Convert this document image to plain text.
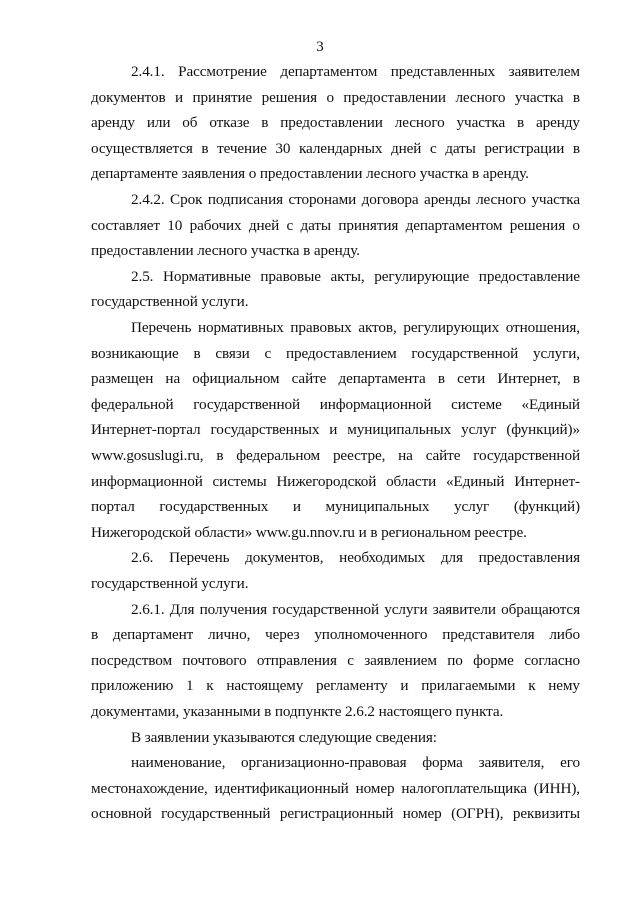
3
2.4.1. Рассмотрение департаментом представленных заявителем
документов и принятие решения о предоставлении лесного участка в
аренду или об отказе в предоставлении лесного участка в аренду
осуществляется в течение 30 календарных дней с даты регистрации в
департаменте заявления о предоставлении лесного участка в аренду.
2.4.2. Срок подписания сторонами договора аренды лесного участка
составляет 10 рабочих дней с даты принятия департаментом решения о
предоставлении лесного участка в аренду.
2.5. Нормативные правовые акты, регулирующие предоставление
государственной услуги.
Перечень нормативных правовых актов, регулирующих отношения,
возникающие в связи с предоставлением государственной услуги,
размещен на официальном сайте департамента в сети Интернет, в
федеральной государственной информационной системе «Единый
Интернет-портал государственных и муниципальных услуг (функций)»
www.gosuslugi.ru, в федеральном реестре, на сайте государственной
информационной системы Нижегородской области «Единый Интернет-
портал государственных и муниципальных услуг (функций)
Нижегородской области» www.gu.nnov.ru и в региональном реестре.
2.6. Перечень документов, необходимых для предоставления
государственной услуги.
2.6.1. Для получения государственной услуги заявители обращаются
в департамент лично, через уполномоченного представителя либо
посредством почтового отправления с заявлением по форме согласно
приложению 1 к настоящему регламенту и прилагаемыми к нему
документами, указанными в подпункте 2.6.2 настоящего пункта.
В заявлении указываются следующие сведения:
наименование, организационно-правовая форма заявителя, его
местонахождение, идентификационный номер налогоплательщика (ИНН),
основной государственный регистрационный номер (ОГРН), реквизиты
